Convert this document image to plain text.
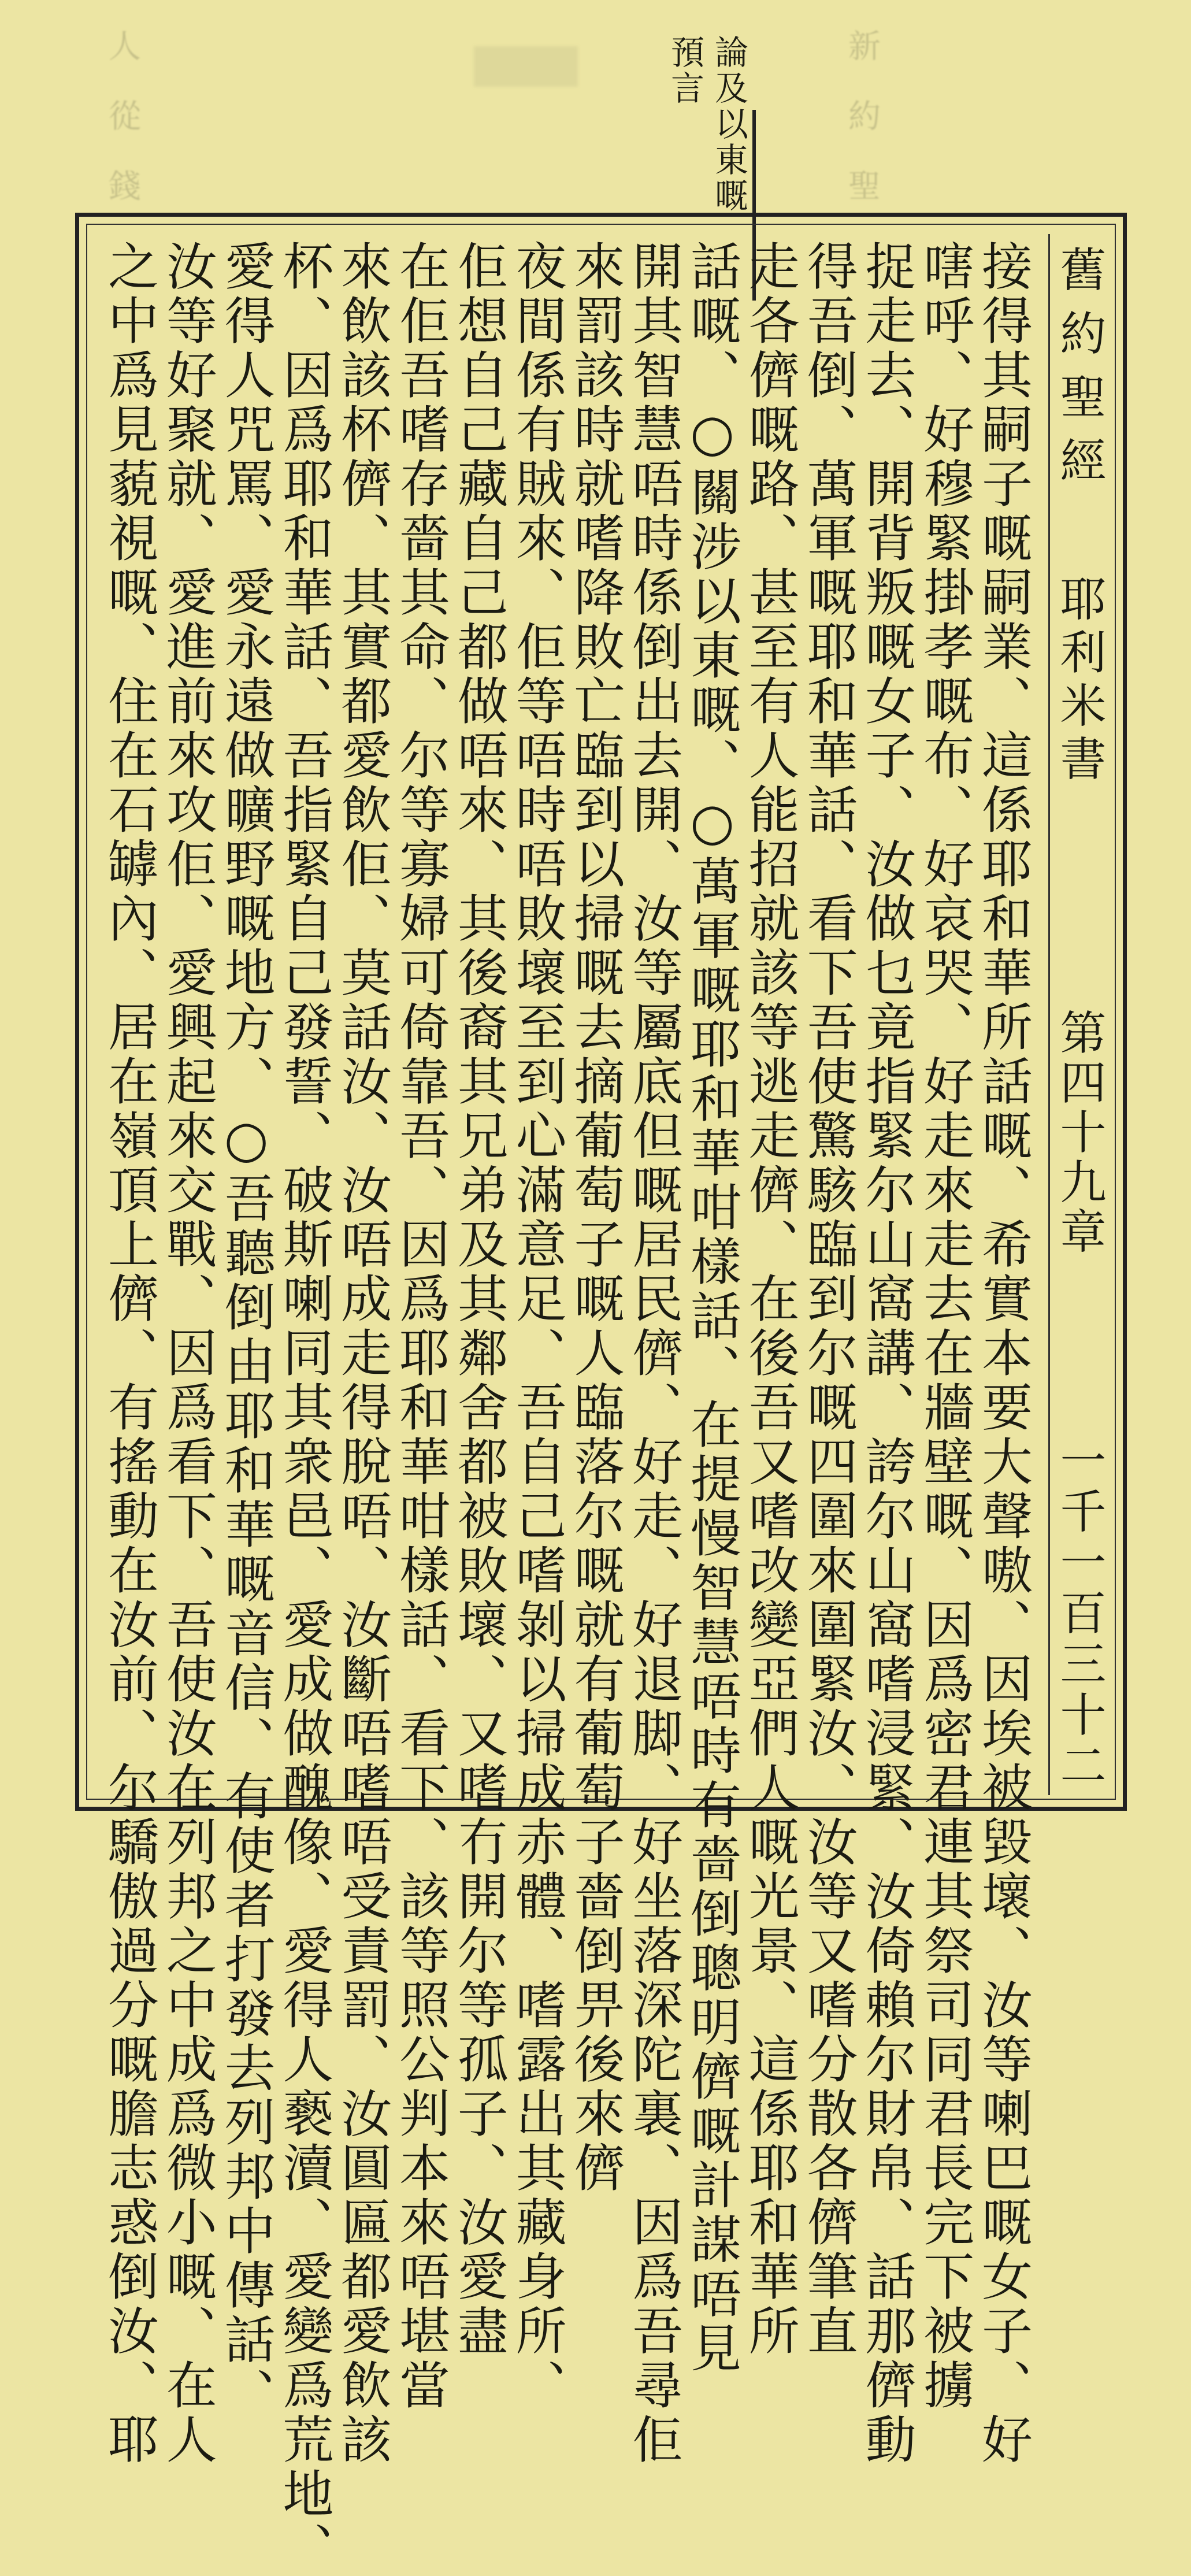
人 從 錢
新 約 聖
論及以東嘅
預言
舊約聖經
耶利米書
第四十九章
一千一百三十二
接得其嗣子嘅嗣業、這係耶和華所話嘅、希實本要大聲嗷、因埃被毀壞、汝等喇巴嘅女子、好
嗐呼、好穆緊掛孝嘅布、好哀哭、好走來走去在牆壁嘅、因爲密君連其祭司同君長完下被擄
捉走去、開背叛嘅女子、汝做乜竟指緊尔山窩講、誇尔山窩嗜浸緊、汝倚賴尔財帛、話那儕動
得吾倒、萬軍嘅耶和華話、看下吾使驚駭臨到尔嘅四圍來圍緊汝、汝等又嗜分散各儕筆直
走各儕嘅路、甚至有人能招就該等逃走儕、在後吾又嗜改變亞們人嘅光景、這係耶和華所
話嘅、○關涉以東嘅、○萬軍嘅耶和華咁樣話、在提慢智慧唔時有嗇倒聰明儕嘅計謀唔見
開其智慧唔時係倒出去開、汝等屬底但嘅居民儕、好走、好退脚、好坐落深陀裏、因爲吾尋佢
來罰該時就嗜降敗亡臨到以掃嘅去摘葡萄子嘅人臨落尔嘅就有葡萄子嗇倒畀後來儕
夜間係有賊來、佢等唔時唔敗壞至到心滿意足、吾自己嗜剝以掃成赤體、嗜露出其藏身所、
佢想自己藏自己都做唔來、其後裔其兄弟及其鄰舍都被敗壞、又嗜冇開尔等孤子、汝愛盡
在佢吾嗜存嗇其命、尔等寡婦可倚靠吾、因爲耶和華咁樣話、看下、該等照公判本來唔堪當
來飲該杯儕、其實都愛飲佢、莫話汝、汝唔成走得脫唔、汝斷唔嗜唔受責罰、汝圓匾都愛飲該
杯、因爲耶和華話、吾指緊自己發誓、破斯喇同其衆邑、愛成做醜像、愛得人褻瀆、愛變爲荒地、
愛得人咒罵、愛永遠做曠野嘅地方、○吾聽倒由耶和華嘅音信、有使者打發去列邦中傳話、
汝等好聚就、愛進前來攻佢、愛興起來交戰、因爲看下、吾使汝在列邦之中成爲微小嘅、在人
之中爲見藐視嘅、住在石罅內、居在嶺頂上儕、有搖動在汝前、尔驕傲過分嘅膽志惑倒汝、耶
